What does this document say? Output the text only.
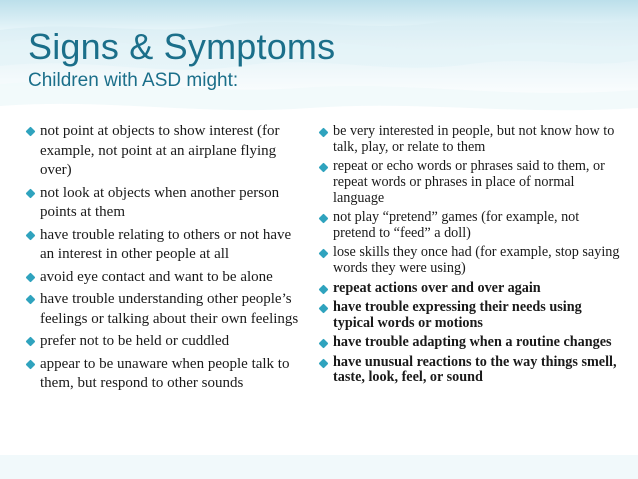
Signs & Symptoms
Children with ASD might:
not point at objects to show interest (for example, not point at an airplane flying over)
not look at objects when another person points at them
have trouble relating to others or not have an interest in other people at all
avoid eye contact and want to be alone
have trouble understanding other people’s feelings or talking about their own feelings
prefer not to be held or cuddled
appear to be unaware when people talk to them, but respond to other sounds
be very interested in people, but not know how to talk, play, or relate to them
repeat or echo words or phrases said to them, or repeat words or phrases in place of normal language
not play “pretend” games (for example, not pretend to “feed” a doll)
lose skills they once had (for example, stop saying words they were using)
repeat actions over and over again
have trouble expressing their needs using typical words or motions
have trouble adapting when a routine changes
have unusual reactions to the way things smell, taste, look, feel, or sound
